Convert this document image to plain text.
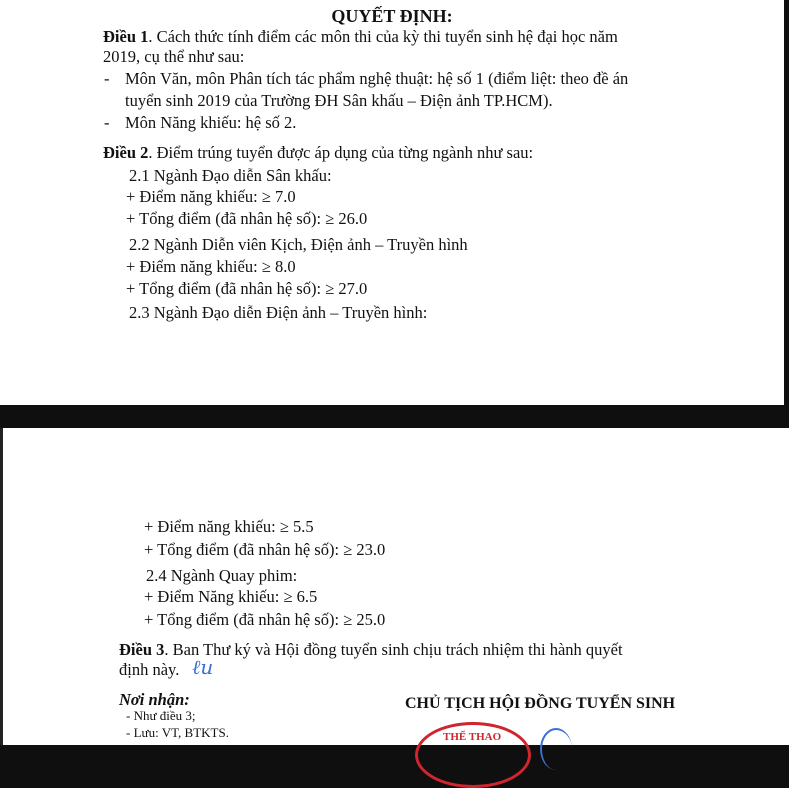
QUYẾT ĐỊNH:
Điều 1. Cách thức tính điểm các môn thi của kỳ thi tuyển sinh hệ đại học năm
2019, cụ thể như sau:
- Môn Văn, môn Phân tích tác phẩm nghệ thuật: hệ số 1 (điểm liệt: theo đề án
tuyển sinh 2019 của Trường ĐH Sân khấu – Điện ảnh TP.HCM).
- Môn Năng khiếu: hệ số 2.
Điều 2. Điểm trúng tuyển được áp dụng của từng ngành như sau:
2.1 Ngành Đạo diễn Sân khấu:
+ Điểm năng khiếu: ≥ 7.0
+ Tổng điểm (đã nhân hệ số): ≥ 26.0
2.2 Ngành Diễn viên Kịch, Điện ảnh – Truyền hình
+ Điểm năng khiếu: ≥ 8.0
+ Tổng điểm (đã nhân hệ số): ≥ 27.0
2.3 Ngành Đạo diễn Điện ảnh – Truyền hình:
+ Điểm năng khiếu: ≥ 5.5
+ Tổng điểm (đã nhân hệ số): ≥ 23.0
2.4 Ngành Quay phim:
+ Điểm Năng khiếu: ≥ 6.5
+ Tổng điểm (đã nhân hệ số): ≥ 25.0
Điều 3. Ban Thư ký và Hội đồng tuyển sinh chịu trách nhiệm thi hành quyết
định này. ℓu
Nơi nhận:
- Như điều 3;
- Lưu: VT, BTKTS.
CHỦ TỊCH HỘI ĐỒNG TUYỂN SINH
THỂ THAO
